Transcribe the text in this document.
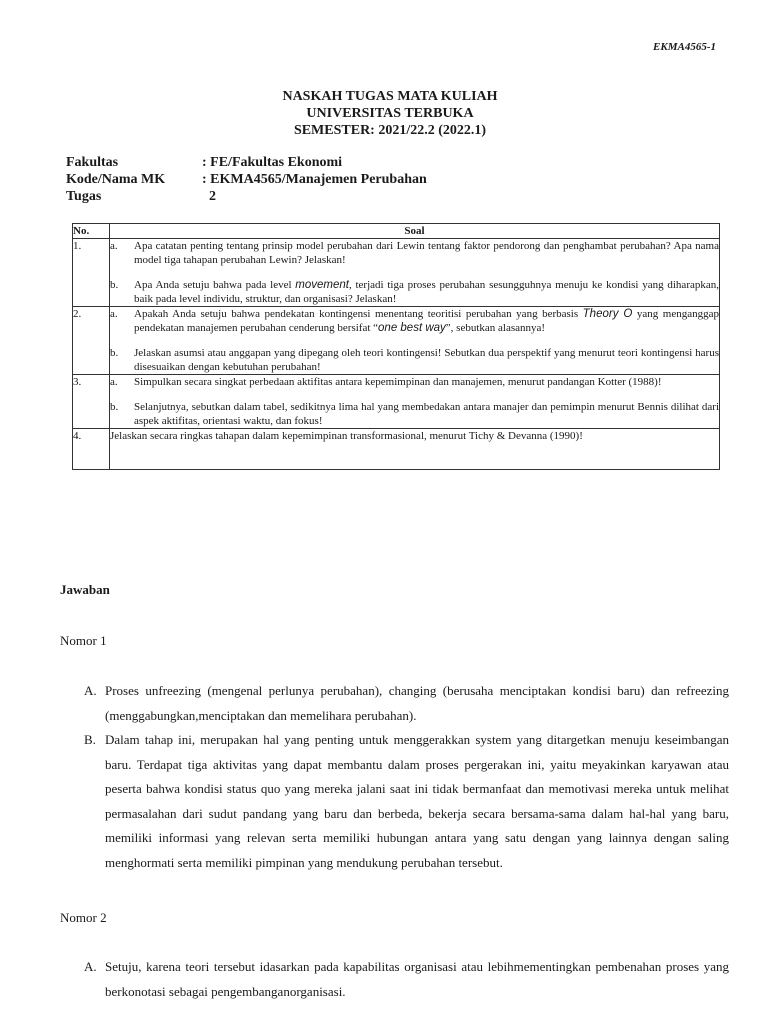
EKMA4565-1
NASKAH TUGAS MATA KULIAH
UNIVERSITAS TERBUKA
SEMESTER: 2021/22.2 (2022.1)
Fakultas	: FE/Fakultas Ekonomi
Kode/Nama MK	: EKMA4565/Manajemen Perubahan
Tugas	2
No.	Soal
1.	a. Apa catatan penting tentang prinsip model perubahan dari Lewin tentang faktor pendorong dan penghambat perubahan? Apa nama model tiga tahapan perubahan Lewin? Jelaskan!
b. Apa Anda setuju bahwa pada level movement, terjadi tiga proses perubahan sesungguhnya menuju ke kondisi yang diharapkan, baik pada level individu, struktur, dan organisasi? Jelaskan!

2.	a. Apakah Anda setuju bahwa pendekatan kontingensi menentang teoritisi perubahan yang berbasis Theory O yang menganggap pendekatan manajemen perubahan cenderung bersifat “one best way”, sebutkan alasannya!
b. Jelaskan asumsi atau anggapan yang dipegang oleh teori kontingensi! Sebutkan dua perspektif yang menurut teori kontingensi harus disesuaikan dengan kebutuhan perubahan!

3.	a. Simpulkan secara singkat perbedaan aktifitas antara kepemimpinan dan manajemen, menurut pandangan Kotter (1988)!
b. Selanjutnya, sebutkan dalam tabel, sedikitnya lima hal yang membedakan antara manajer dan pemimpin menurut Bennis dilihat dari aspek aktifitas, orientasi waktu, dan fokus!

4.	Jelaskan secara ringkas tahapan dalam kepemimpinan transformasional, menurut Tichy & Devanna (1990)!
Jawaban
Nomor 1
A. Proses unfreezing (mengenal perlunya perubahan), changing (berusaha menciptakan kondisi baru) dan refreezing (menggabungkan,menciptakan dan memelihara perubahan).
B. Dalam tahap ini, merupakan hal yang penting untuk menggerakkan system yang ditargetkan menuju keseimbangan baru. Terdapat tiga aktivitas yang dapat membantu dalam proses pergerakan ini, yaitu meyakinkan karyawan atau peserta bahwa kondisi status quo yang mereka jalani saat ini tidak bermanfaat dan memotivasi mereka untuk melihat permasalahan dari sudut pandang yang baru dan berbeda, bekerja secara bersama-sama dalam hal-hal yang baru, memiliki informasi yang relevan serta memiliki hubungan antara yang satu dengan yang lainnya dengan saling menghormati serta memiliki pimpinan yang mendukung perubahan tersebut.
Nomor 2
A. Setuju, karena teori tersebut idasarkan pada kapabilitas organisasi atau lebihmementingkan pembenahan proses yang berkonotasi sebagai pengembanganorganisasi.
